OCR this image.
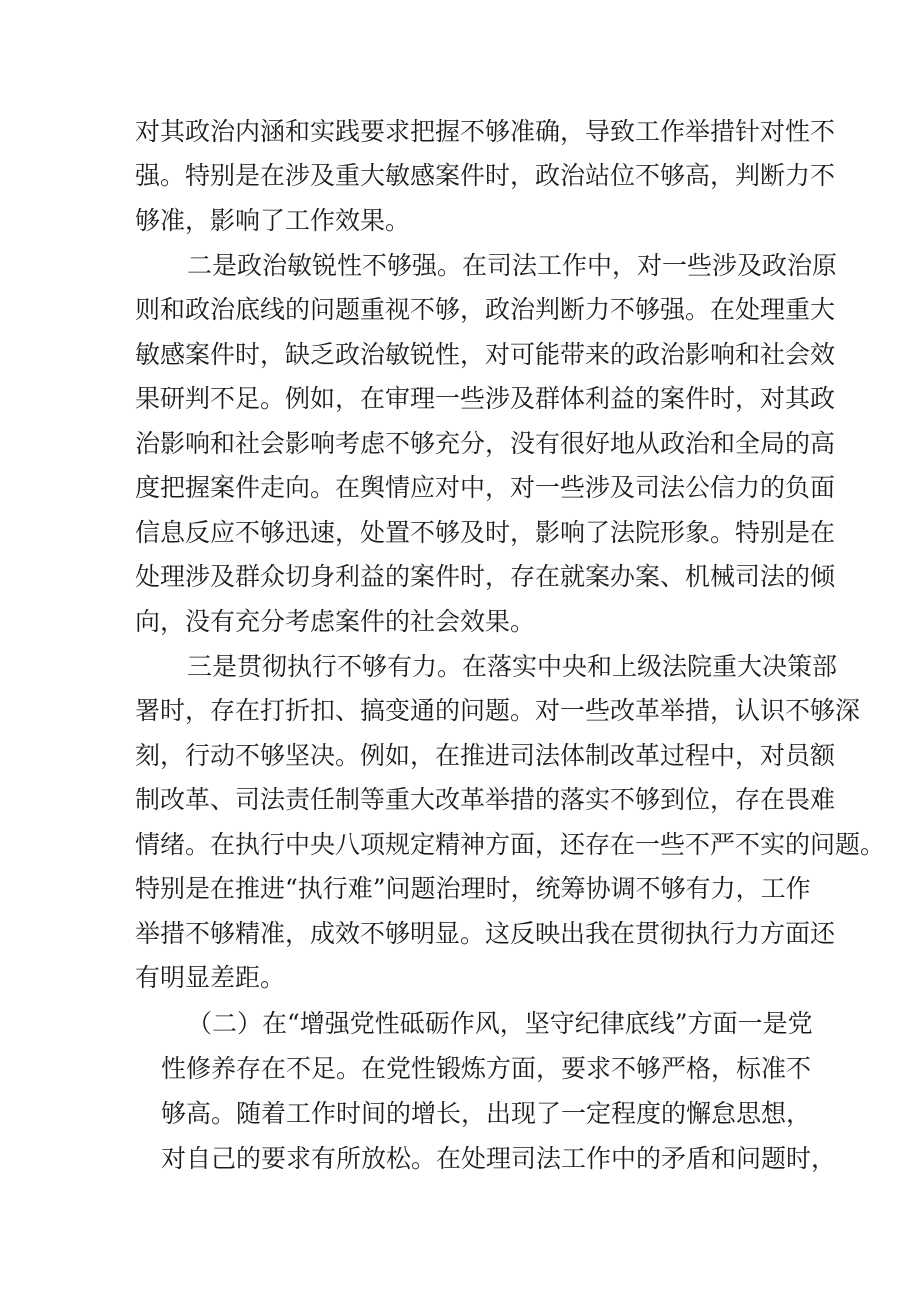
对其政治内涵和实践要求把握不够准确，导致工作举措针对性不
强。特别是在涉及重大敏感案件时，政治站位不够高，判断力不
够准，影响了工作效果。
二是政治敏锐性不够强。在司法工作中，对一些涉及政治原
则和政治底线的问题重视不够，政治判断力不够强。在处理重大
敏感案件时，缺乏政治敏锐性，对可能带来的政治影响和社会效
果研判不足。例如，在审理一些涉及群体利益的案件时，对其政
治影响和社会影响考虑不够充分，没有很好地从政治和全局的高
度把握案件走向。在舆情应对中，对一些涉及司法公信力的负面
信息反应不够迅速，处置不够及时，影响了法院形象。特别是在
处理涉及群众切身利益的案件时，存在就案办案、机械司法的倾
向，没有充分考虑案件的社会效果。
三是贯彻执行不够有力。在落实中央和上级法院重大决策部
署时，存在打折扣、搞变通的问题。对一些改革举措，认识不够深
刻，行动不够坚决。例如，在推进司法体制改革过程中，对员额
制改革、司法责任制等重大改革举措的落实不够到位，存在畏难
情绪。在执行中央八项规定精神方面，还存在一些不严不实的问题。
特别是在推进“执行难”问题治理时，统筹协调不够有力，工作
举措不够精准，成效不够明显。这反映出我在贯彻执行力方面还
有明显差距。
（二）在“增强党性砥砺作风，坚守纪律底线”方面一是党
性修养存在不足。在党性锻炼方面，要求不够严格，标准不
够高。随着工作时间的增长，出现了一定程度的懈怠思想，
对自己的要求有所放松。在处理司法工作中的矛盾和问题时，
